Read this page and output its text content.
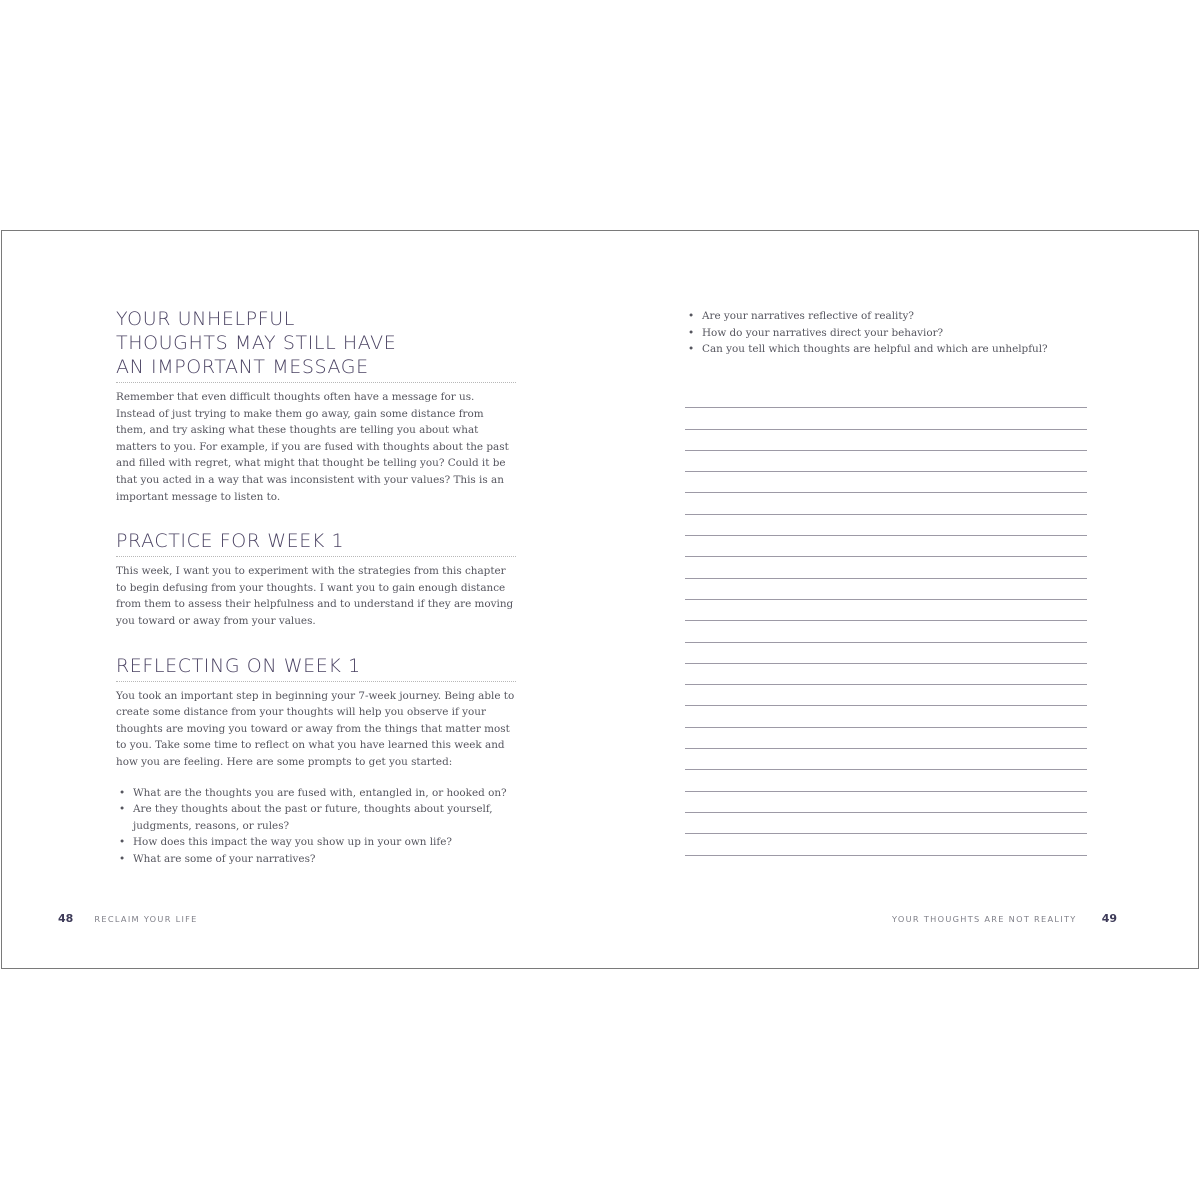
YOUR UNHELPFUL
THOUGHTS MAY STILL HAVE
AN IMPORTANT MESSAGE

Remember that even difficult thoughts often have a message for us. Instead of just trying to make them go away, gain some distance from them, and try asking what these thoughts are telling you about what matters to you. For example, if you are fused with thoughts about the past and filled with regret, what might that thought be telling you? Could it be that you acted in a way that was inconsistent with your values? This is an important message to listen to.

PRACTICE FOR WEEK 1

This week, I want you to experiment with the strategies from this chapter to begin defusing from your thoughts. I want you to gain enough distance from them to assess their helpfulness and to understand if they are moving you toward or away from your values.

REFLECTING ON WEEK 1

You took an important step in beginning your 7-week journey. Being able to create some distance from your thoughts will help you observe if your thoughts are moving you toward or away from the things that matter most to you. Take some time to reflect on what you have learned this week and how you are feeling. Here are some prompts to get you started:

• What are the thoughts you are fused with, entangled in, or hooked on?
• Are they thoughts about the past or future, thoughts about yourself, judgments, reasons, or rules?
• How does this impact the way you show up in your own life?
• What are some of your narratives?
48	RECLAIM YOUR LIFE
• Are your narratives reflective of reality?
• How do your narratives direct your behavior?
• Can you tell which thoughts are helpful and which are unhelpful?
YOUR THOUGHTS ARE NOT REALITY 49
